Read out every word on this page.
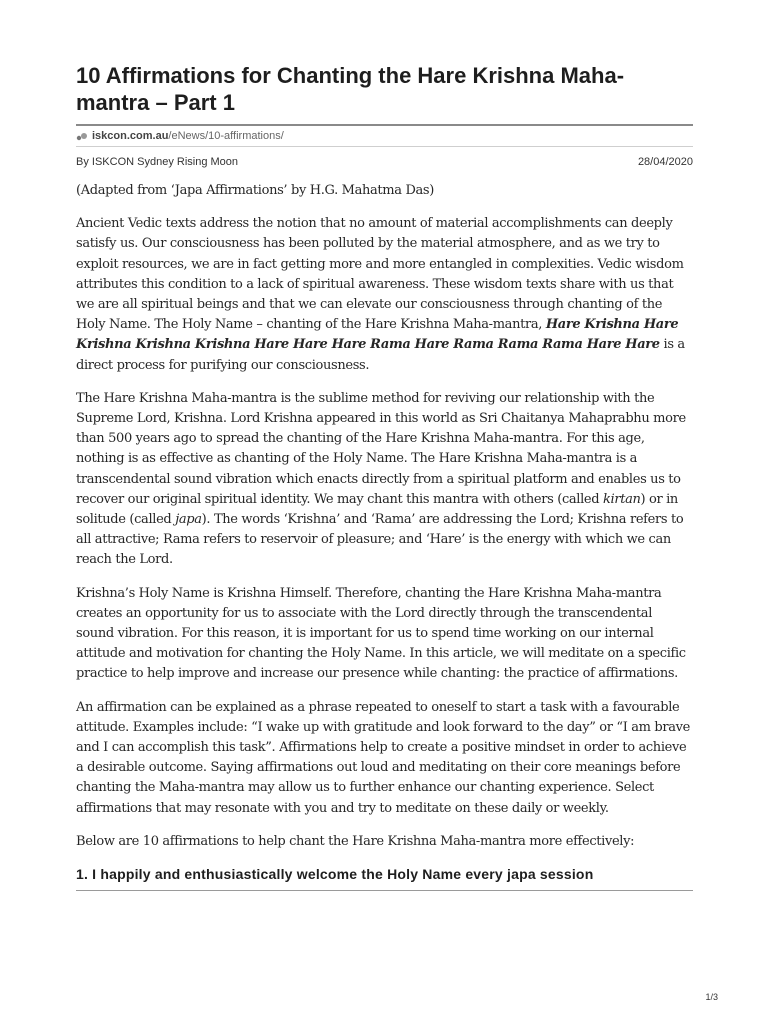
10 Affirmations for Chanting the Hare Krishna Maha-mantra – Part 1
iskcon.com.au/eNews/10-affirmations/
By ISKCON Sydney Rising Moon	28/04/2020

(Adapted from ‘Japa Affirmations’ by H.G. Mahatma Das)

Ancient Vedic texts address the notion that no amount of material accomplishments can deeply satisfy us. Our consciousness has been polluted by the material atmosphere, and as we try to exploit resources, we are in fact getting more and more entangled in complexities. Vedic wisdom attributes this condition to a lack of spiritual awareness. These wisdom texts share with us that we are all spiritual beings and that we can elevate our consciousness through chanting of the Holy Name. The Holy Name – chanting of the Hare Krishna Maha-mantra, Hare Krishna Hare Krishna Krishna Krishna Hare Hare Hare Rama Hare Rama Rama Rama Hare Hare is a direct process for purifying our consciousness.

The Hare Krishna Maha-mantra is the sublime method for reviving our relationship with the Supreme Lord, Krishna. Lord Krishna appeared in this world as Sri Chaitanya Mahaprabhu more than 500 years ago to spread the chanting of the Hare Krishna Maha-mantra. For this age, nothing is as effective as chanting of the Holy Name. The Hare Krishna Maha-mantra is a transcendental sound vibration which enacts directly from a spiritual platform and enables us to recover our original spiritual identity. We may chant this mantra with others (called kirtan) or in solitude (called japa). The words ‘Krishna’ and ‘Rama’ are addressing the Lord; Krishna refers to all attractive; Rama refers to reservoir of pleasure; and ‘Hare’ is the energy with which we can reach the Lord.

Krishna’s Holy Name is Krishna Himself. Therefore, chanting the Hare Krishna Maha-mantra creates an opportunity for us to associate with the Lord directly through the transcendental sound vibration. For this reason, it is important for us to spend time working on our internal attitude and motivation for chanting the Holy Name. In this article, we will meditate on a specific practice to help improve and increase our presence while chanting: the practice of affirmations.

An affirmation can be explained as a phrase repeated to oneself to start a task with a favourable attitude. Examples include: “I wake up with gratitude and look forward to the day” or “I am brave and I can accomplish this task”. Affirmations help to create a positive mindset in order to achieve a desirable outcome. Saying affirmations out loud and meditating on their core meanings before chanting the Maha-mantra may allow us to further enhance our chanting experience. Select affirmations that may resonate with you and try to meditate on these daily or weekly.

Below are 10 affirmations to help chant the Hare Krishna Maha-mantra more effectively:

1. I happily and enthusiastically welcome the Holy Name every japa session
1/3
